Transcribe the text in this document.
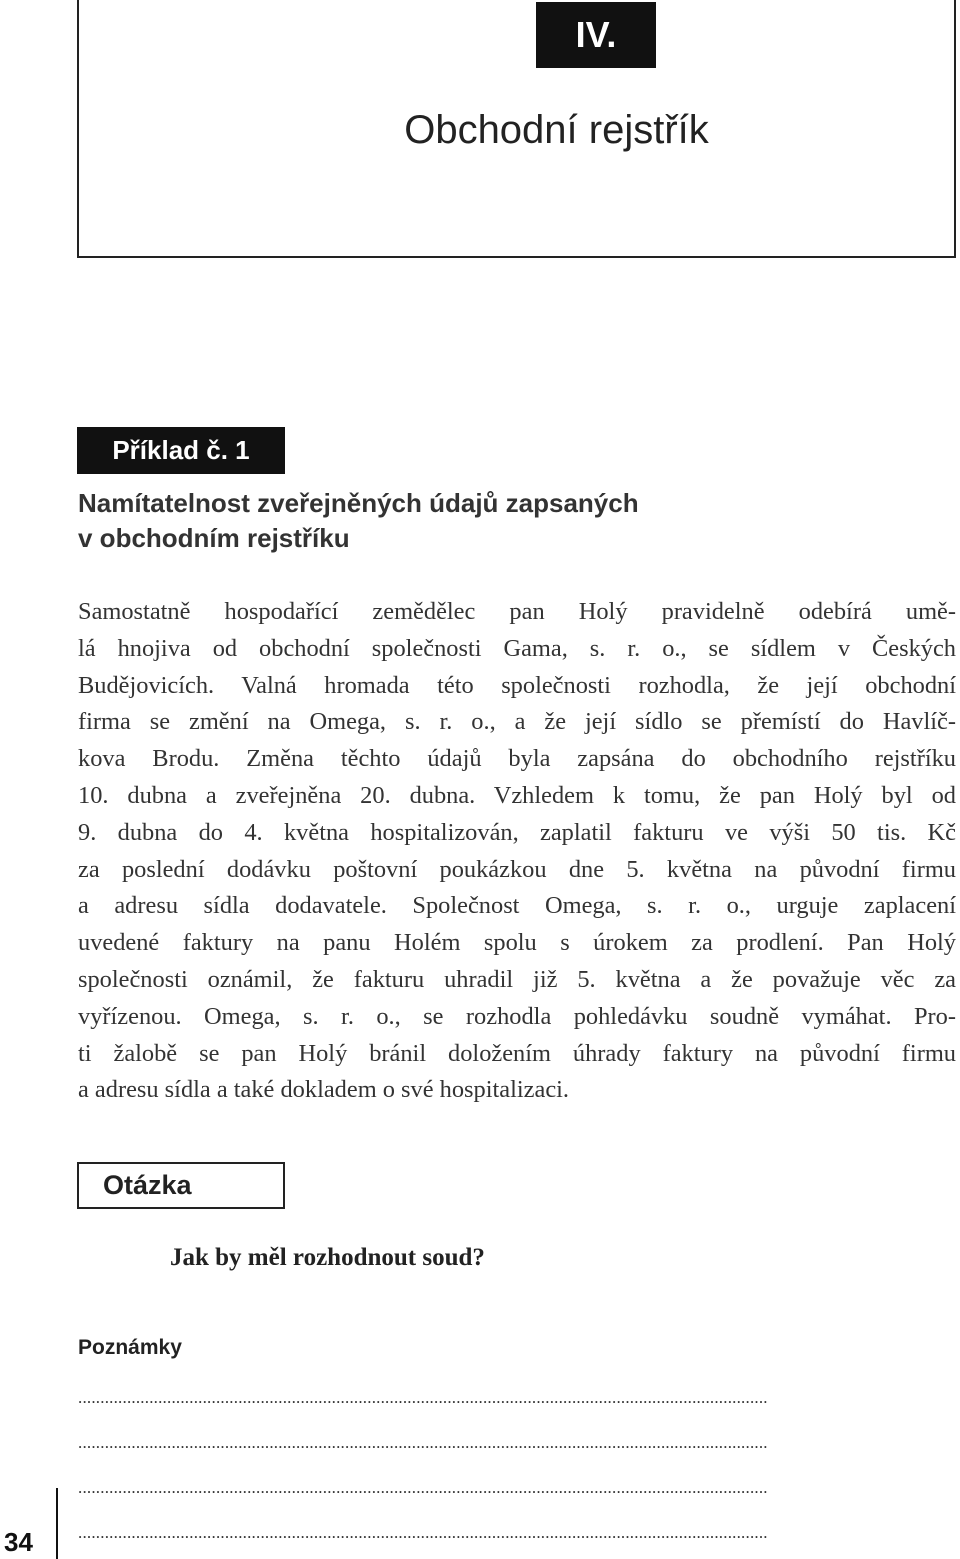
IV.
Obchodní rejstřík
Příklad č. 1
Namítatelnost zveřejněných údajů zapsaných
v obchodním rejstříku
Samostatně hospodařící zemědělec pan Holý pravidelně odebírá umě-
lá hnojiva od obchodní společnosti Gama, s. r. o., se sídlem v Českých
Budějovicích. Valná hromada této společnosti rozhodla, že její obchodní
firma se změní na Omega, s. r. o., a že její sídlo se přemístí do Havlíč-
kova Brodu. Změna těchto údajů byla zapsána do obchodního rejstříku
10. dubna a zveřejněna 20. dubna. Vzhledem k tomu, že pan Holý byl od
9. dubna do 4. května hospitalizován, zaplatil fakturu ve výši 50 tis. Kč
za poslední dodávku poštovní poukázkou dne 5. května na původní firmu
a adresu sídla dodavatele. Společnost Omega, s. r. o., urguje zaplacení
uvedené faktury na panu Holém spolu s úrokem za prodlení. Pan Holý
společnosti oznámil, že fakturu uhradil již 5. května a že považuje věc za
vyřízenou. Omega, s. r. o., se rozhodla pohledávku soudně vymáhat. Pro-
ti žalobě se pan Holý bránil doložením úhrady faktury na původní firmu
a adresu sídla a také dokladem o své hospitalizaci.
Otázka
Jak by měl rozhodnout soud?
Poznámky
...........................................................................................................................................................
...........................................................................................................................................................
...........................................................................................................................................................
...........................................................................................................................................................
34
